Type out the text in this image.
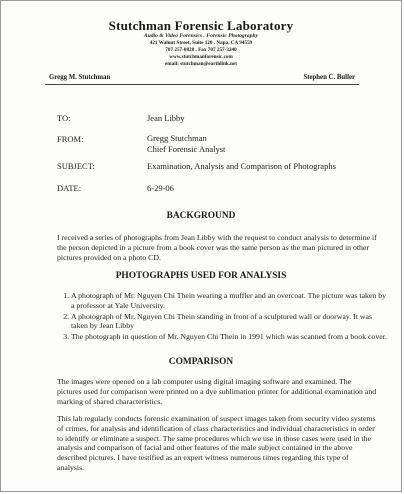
Stutchman Forensic Laboratory
Audio & Video Forensics . Forensic Photography
421 Walnut Street, Suite 120 . Napa, CA 94559
707 257-0828 . Fax 707 257-3240
www.stutchmanforensic.com
email: stutchman@earthlink.net
Gregg M. Stutchman	Stephen C. Buller
TO:	Jean Libby
FROM:	Gregg Stutchman
Chief Forensic Analyst
SUBJECT:	Examination, Analysis and Comparison of Photographs
DATE:	6-29-06
BACKGROUND
I received a series of photographs from Jean Libby with the request to conduct analysis to determine if the person depicted in a picture from a book cover was the same person as the man pictured in other pictures provided on a photo CD.
PHOTOGRAPHS USED FOR ANALYSIS
1. A photograph of Mr. Nguyen Chi Thein wearing a muffler and an overcoat. The picture was taken by a professor at Yale University.
2. A photograph of Mr. Nguyen Chi Thein standing in front of a sculptured wall or doorway. It was taken by Jean Libby
3. The photograph in question of Mr. Nguyen Chi Thein in 1991 which was scanned from a book cover.
COMPARISON
The images were opened on a lab computer using digital imaging software and examined. The pictures used for comparison were printed on a dye sublimation printer for additional examination and marking of shared characteristics.
This lab regularly conducts forensic examination of suspect images taken from security video systems of crimes, for analysis and identification of class characteristics and individual characteristics in order to identify or eliminate a suspect. The same procedures which we use in those cases were used in the analysis and comparison of facial and other features of the male subject contained in the above described pictures. I have testified as an expert witness numerous times regarding this type of analysis.
